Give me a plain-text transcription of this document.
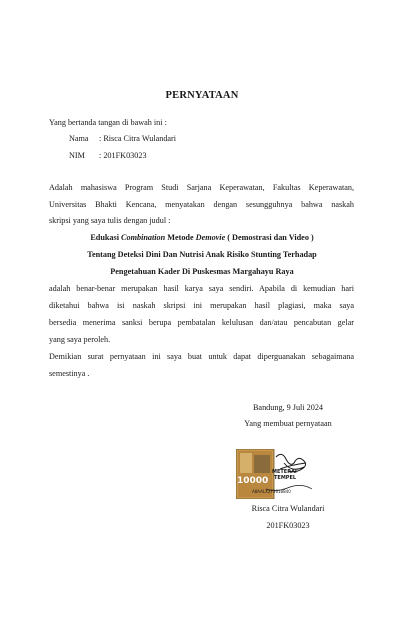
PERNYATAAN
Yang bertanda tangan di bawah ini :
Nama : Risca Citra Wulandari
NIM : 201FK03023
Adalah mahasiswa Program Studi Sarjana Keperawatan, Fakultas Keperawatan,
Universitas Bhakti Kencana, menyatakan dengan sesungguhnya bahwa naskah
skripsi yang saya tulis dengan judul :
Edukasi Combination Metode Demovie ( Demostrasi dan Video )
Tentang Deteksi Dini Dan Nutrisi Anak Risiko Stunting Terhadap
Pengetahuan Kader Di Puskesmas Margahayu Raya
adalah benar-benar merupakan hasil karya saya sendiri. Apabila di kemudian hari
diketahui bahwa isi naskah skripsi ini merupakan hasil plagiasi, maka saya
bersedia menerima sanksi berupa pembatalan kelulusan dan/atau pencabutan gelar
yang saya peroleh.
Demikian surat pernyataan ini saya buat untuk dapat diperguanakan sebagaimana
semestinya .
Bandung, 9 Juli 2024
Yang membuat pernyataan
10000
METERAI
TEMPEL
A8AALX273618840
Risca Citra Wulandari
201FK03023
